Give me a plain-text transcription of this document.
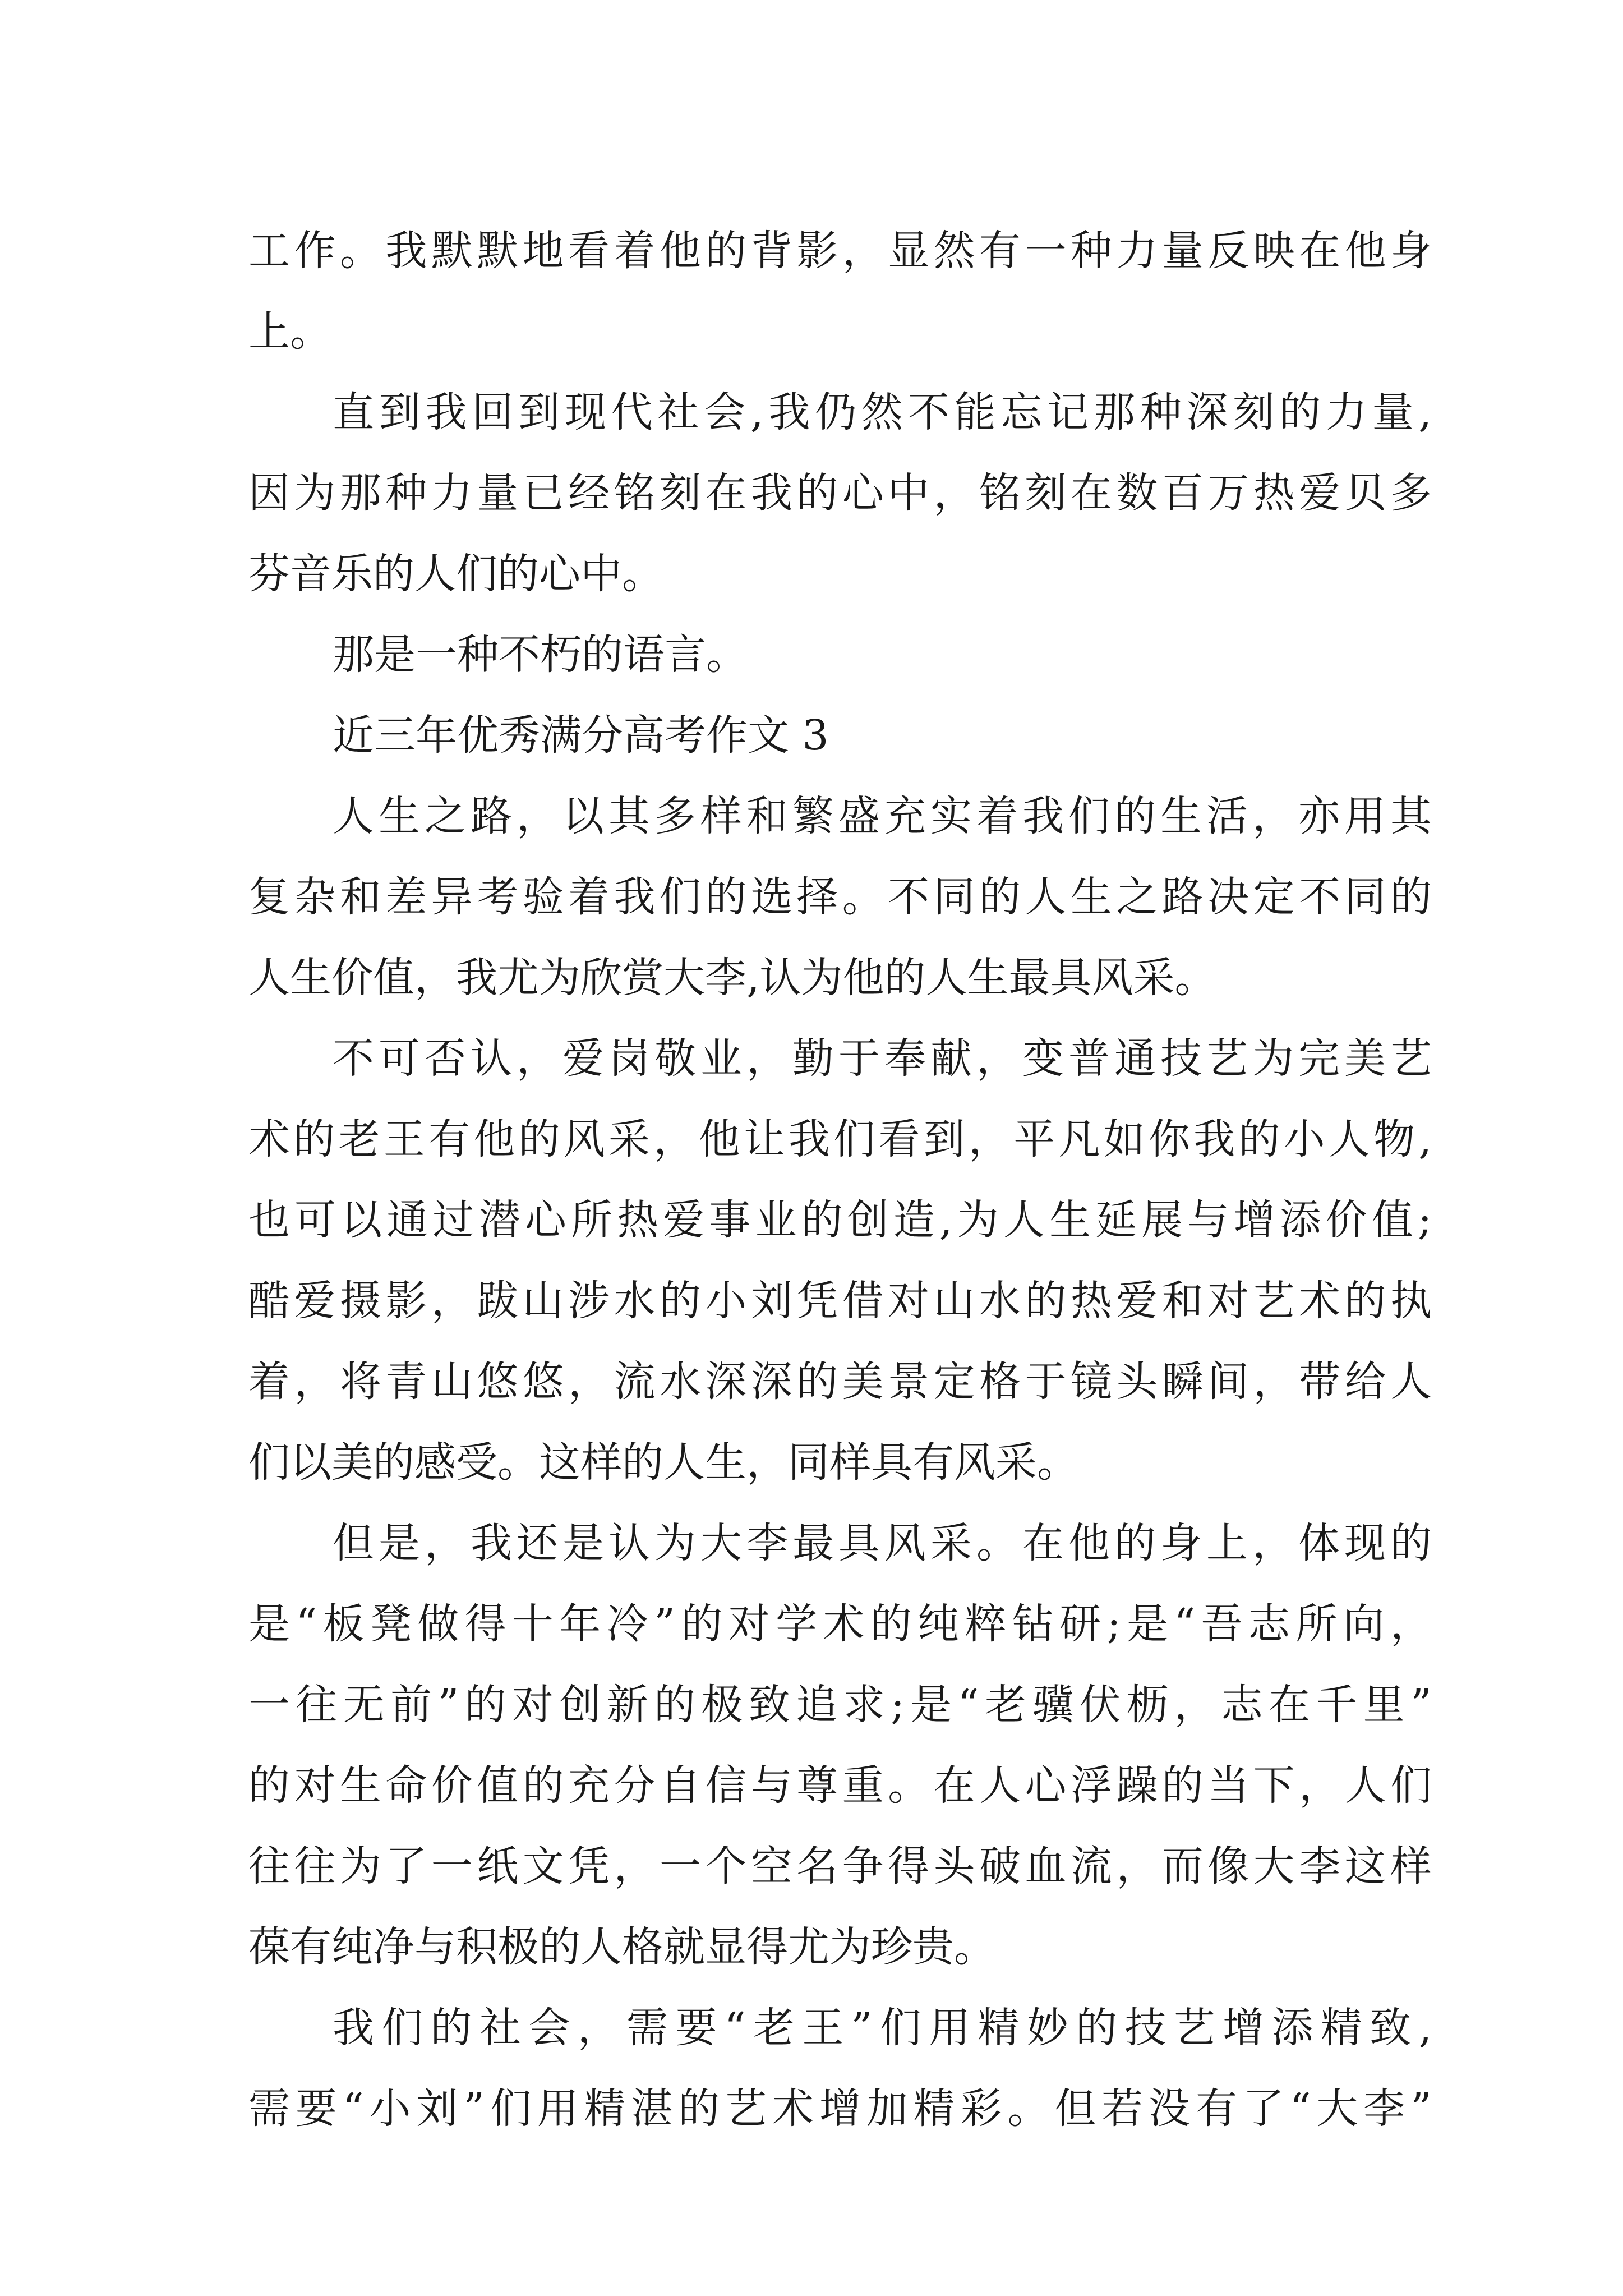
工作。我默默地看着他的背影，显然有一种力量反映在他身
上。
直到我回到现代社会,我仍然不能忘记那种深刻的力量,
因为那种力量已经铭刻在我的心中，铭刻在数百万热爱贝多
芬音乐的人们的心中。
那是一种不朽的语言。
近三年优秀满分高考作文 3
人生之路，以其多样和繁盛充实着我们的生活，亦用其
复杂和差异考验着我们的选择。不同的人生之路决定不同的
人生价值，我尤为欣赏大李,认为他的人生最具风采。
不可否认，爱岗敬业，勤于奉献，变普通技艺为完美艺
术的老王有他的风采，他让我们看到，平凡如你我的小人物,
也可以通过潜心所热爱事业的创造,为人生延展与增添价值;
酷爱摄影，跋山涉水的小刘凭借对山水的热爱和对艺术的执
着，将青山悠悠，流水深深的美景定格于镜头瞬间，带给人
们以美的感受。这样的人生，同样具有风采。
但是，我还是认为大李最具风采。在他的身上，体现的
是“板凳做得十年冷”的对学术的纯粹钻研;是“吾志所向，
一往无前”的对创新的极致追求;是“老骥伏枥，志在千里”
的对生命价值的充分自信与尊重。在人心浮躁的当下，人们
往往为了一纸文凭，一个空名争得头破血流，而像大李这样
葆有纯净与积极的人格就显得尤为珍贵。
我们的社会，需要“老王”们用精妙的技艺增添精致,
需要“小刘”们用精湛的艺术增加精彩。但若没有了“大李”
